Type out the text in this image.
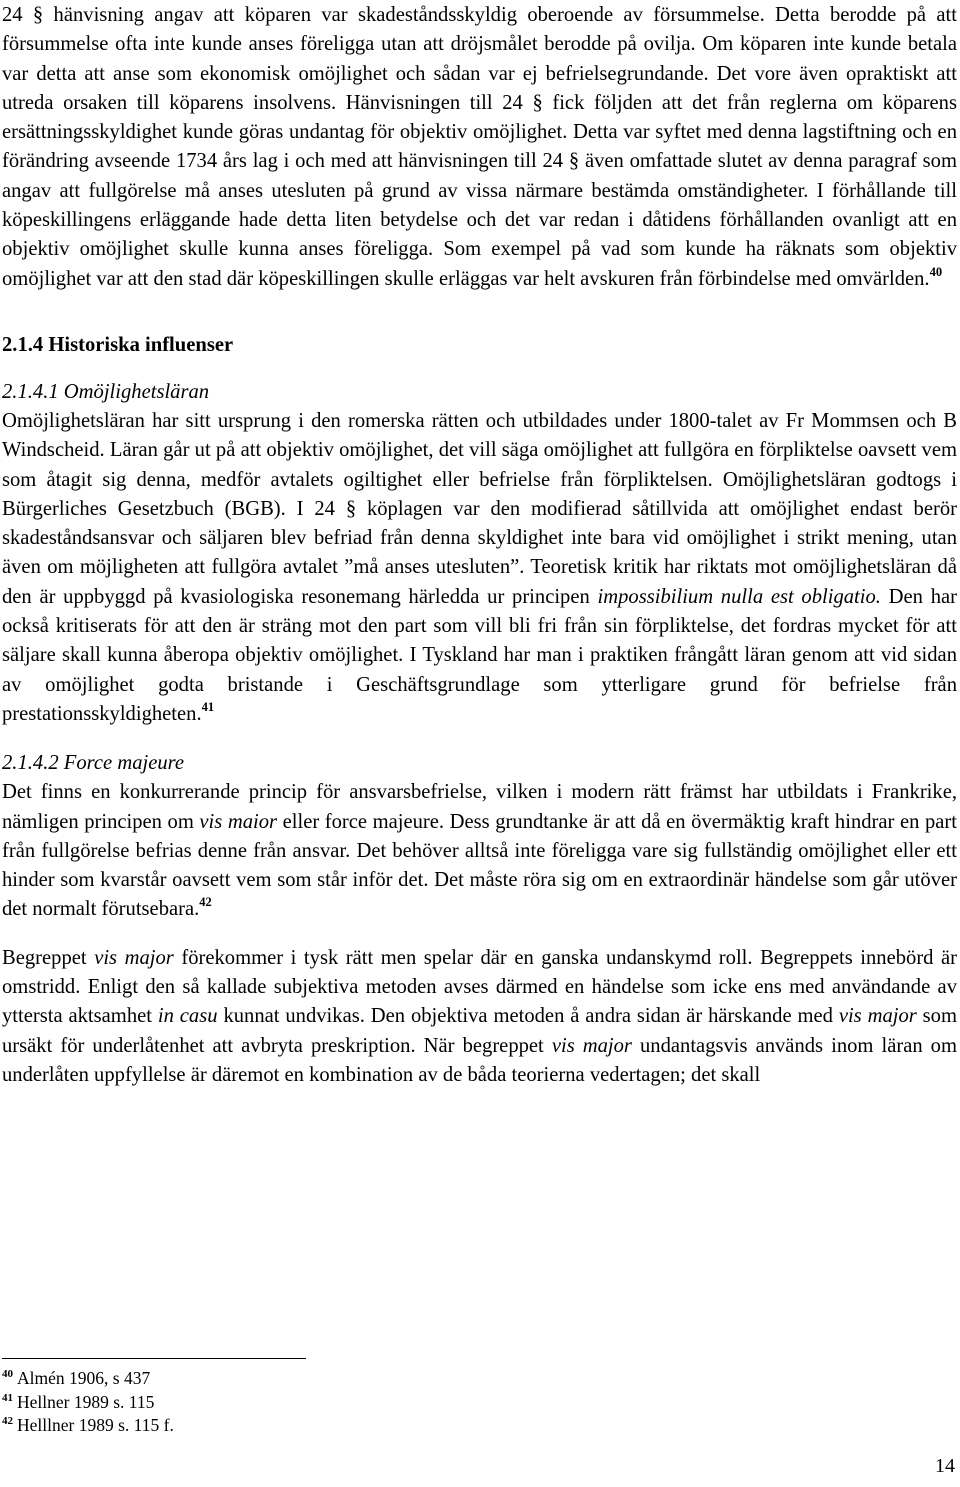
24 § hänvisning angav att köparen var skadeståndsskyldig oberoende av försummelse. Detta berodde på att försummelse ofta inte kunde anses föreligga utan att dröjsmålet berodde på ovilja. Om köparen inte kunde betala var detta att anse som ekonomisk omöjlighet och sådan var ej befrielsegrundande. Det vore även opraktiskt att utreda orsaken till köparens insolvens. Hänvisningen till 24 § fick följden att det från reglerna om köparens ersättningsskyldighet kunde göras undantag för objektiv omöjlighet. Detta var syftet med denna lagstiftning och en förändring avseende 1734 års lag i och med att hänvisningen till 24 § även omfattade slutet av denna paragraf som angav att fullgörelse må anses utesluten på grund av vissa närmare bestämda omständigheter. I förhållande till köpeskillingens erläggande hade detta liten betydelse och det var redan i dåtidens förhållanden ovanligt att en objektiv omöjlighet skulle kunna anses föreligga. Som exempel på vad som kunde ha räknats som objektiv omöjlighet var att den stad där köpeskillingen skulle erläggas var helt avskuren från förbindelse med omvärlden.$^{40}$

2.1.4 Historiska influenser
2.1.4.1 Omöjlighetsläran

Omöjlighetsläran har sitt ursprung i den romerska rätten och utbildades under 1800-talet av Fr Mommsen och B Windscheid. Läran går ut på att objektiv omöjlighet, det vill säga omöjlighet att fullgöra en förpliktelse oavsett vem som åtagit sig denna, medför avtalets ogiltighet eller befrielse från förpliktelsen. Omöjlighetsläran godtogs i Bürgerliches Gesetzbuch (BGB). I 24 § köplagen var den modifierad såtillvida att omöjlighet endast berör skadeståndsansvar och säljaren blev befriad från denna skyldighet inte bara vid omöjlighet i strikt mening, utan även om möjligheten att fullgöra avtalet ”må anses utesluten”. Teoretisk kritik har riktats mot omöjlighetsläran då den är uppbyggd på kvasiologiska resonemang härledda ur principen impossibilium nulla est obligatio. Den har också kritiserats för att den är sträng mot den part som vill bli fri från sin förpliktelse, det fordras mycket för att säljare skall kunna åberopa objektiv omöjlighet. I Tyskland har man i praktiken frångått läran genom att vid sidan av omöjlighet godta bristande i Geschäftsgrundlage som ytterligare grund för befrielse från prestationsskyldigheten.$^{41}$

2.1.4.2 Force majeure

Det finns en konkurrerande princip för ansvarsbefrielse, vilken i modern rätt främst har utbildats i Frankrike, nämligen principen om vis maior eller force majeure. Dess grundtanke är att då en övermäktig kraft hindrar en part från fullgörelse befrias denne från ansvar. Det behöver alltså inte föreligga vare sig fullständig omöjlighet eller ett hinder som kvarstår oavsett vem som står inför det. Det måste röra sig om en extraordinär händelse som går utöver det normalt förutsebara.$^{42}$

Begreppet vis major förekommer i tysk rätt men spelar där en ganska undanskymd roll. Begreppets innebörd är omstridd. Enligt den så kallade subjektiva metoden avses därmed en händelse som icke ens med användande av yttersta aktsamhet in casu kunnat undvikas. Den objektiva metoden å andra sidan är härskande med vis major som ursäkt för underlåtenhet att avbryta preskription. När begreppet vis major undantagsvis används inom läran om underlåten uppfyllelse är däremot en kombination av de båda teorierna vedertagen; det skall

$^{40}$ Almén 1906, s 437

$^{41}$ Hellner 1989 s. 115

$^{42}$ Helllner 1989 s. 115 f.

14
